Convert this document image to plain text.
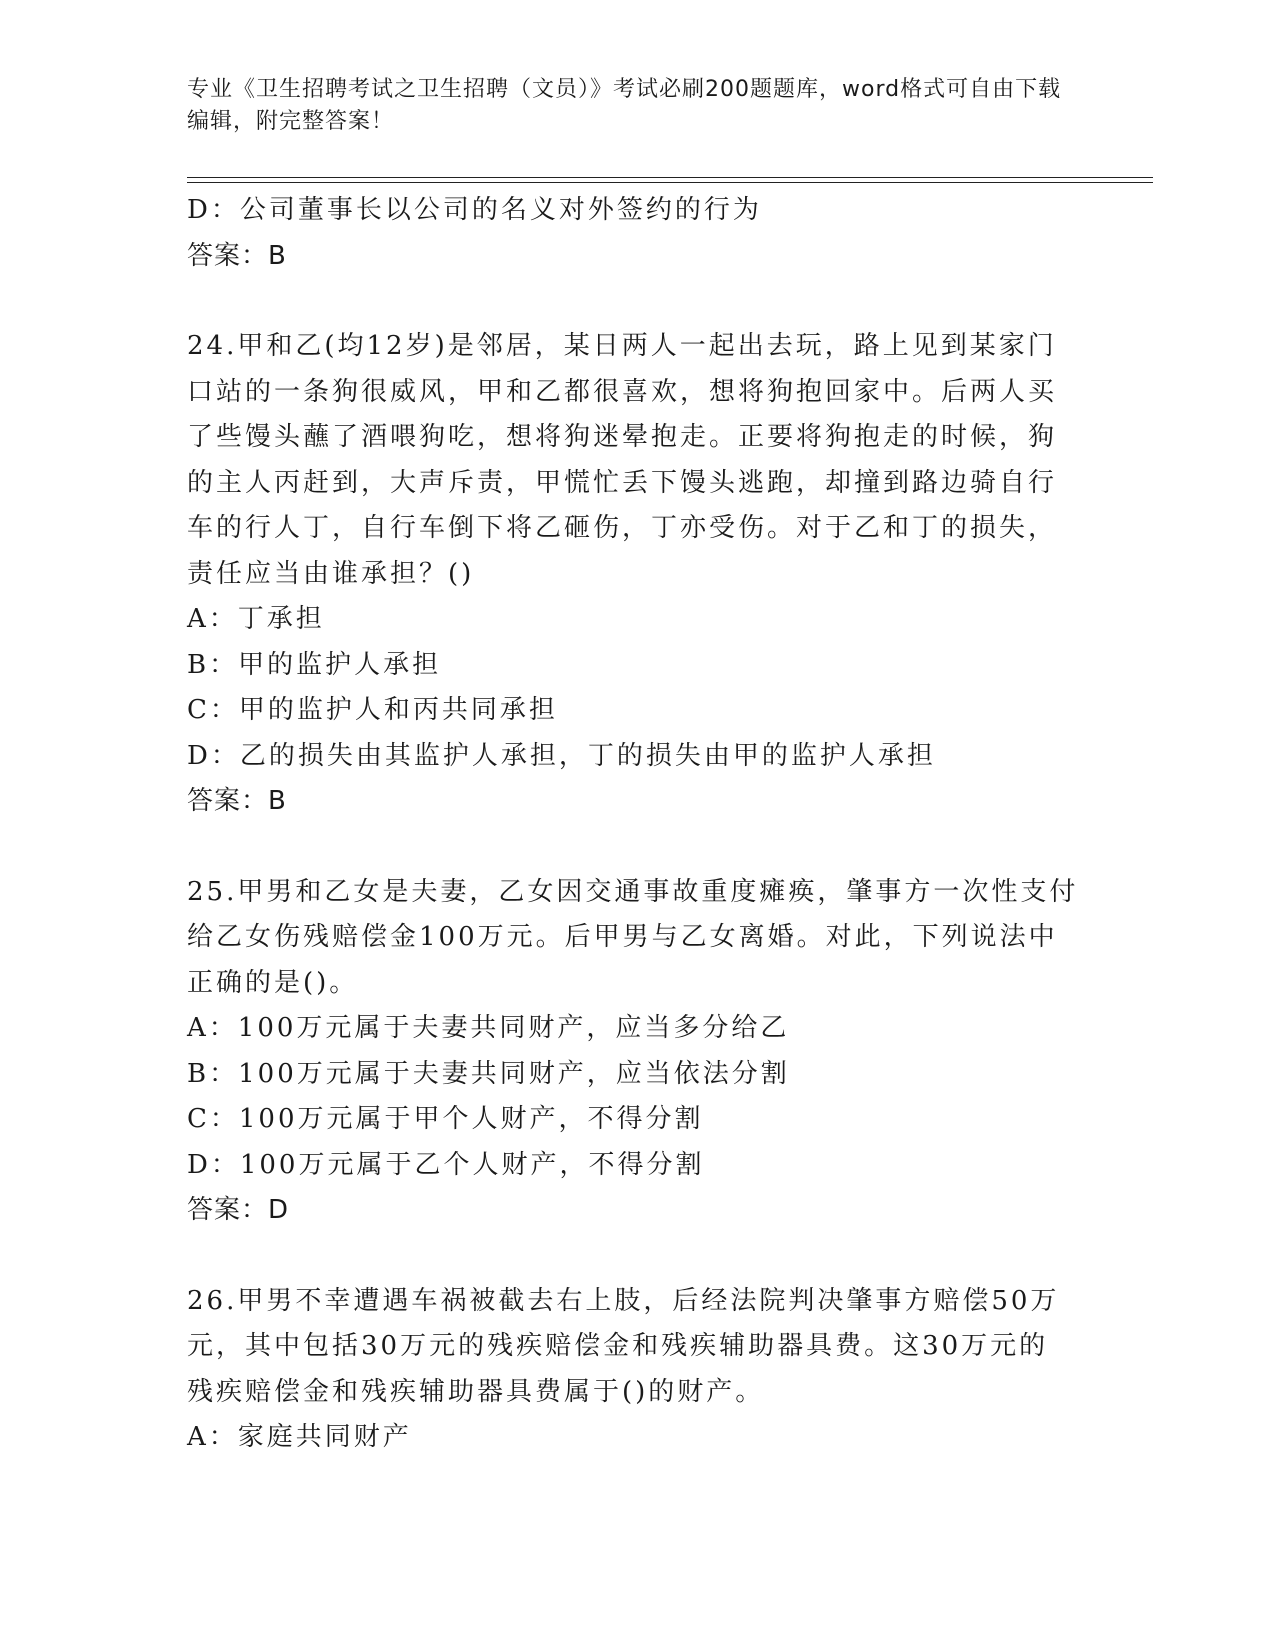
专业《卫生招聘考试之卫生招聘（文员）》考试必刷200题题库，word格式可自由下载编辑，附完整答案！
D：公司董事长以公司的名义对外签约的行为
答案：B
24.甲和乙(均12岁)是邻居，某日两人一起出去玩，路上见到某家门
口站的一条狗很威风，甲和乙都很喜欢，想将狗抱回家中。后两人买
了些馒头蘸了酒喂狗吃，想将狗迷晕抱走。正要将狗抱走的时候，狗
的主人丙赶到，大声斥责，甲慌忙丢下馒头逃跑，却撞到路边骑自行
车的行人丁，自行车倒下将乙砸伤，丁亦受伤。对于乙和丁的损失，
责任应当由谁承担？()
A：丁承担
B：甲的监护人承担
C：甲的监护人和丙共同承担
D：乙的损失由其监护人承担，丁的损失由甲的监护人承担
答案：B
25.甲男和乙女是夫妻，乙女因交通事故重度瘫痪，肇事方一次性支付
给乙女伤残赔偿金100万元。后甲男与乙女离婚。对此，下列说法中
正确的是()。
A：100万元属于夫妻共同财产，应当多分给乙
B：100万元属于夫妻共同财产，应当依法分割
C：100万元属于甲个人财产，不得分割
D：100万元属于乙个人财产，不得分割
答案：D
26.甲男不幸遭遇车祸被截去右上肢，后经法院判决肇事方赔偿50万
元，其中包括30万元的残疾赔偿金和残疾辅助器具费。这30万元的
残疾赔偿金和残疾辅助器具费属于()的财产。
A：家庭共同财产
